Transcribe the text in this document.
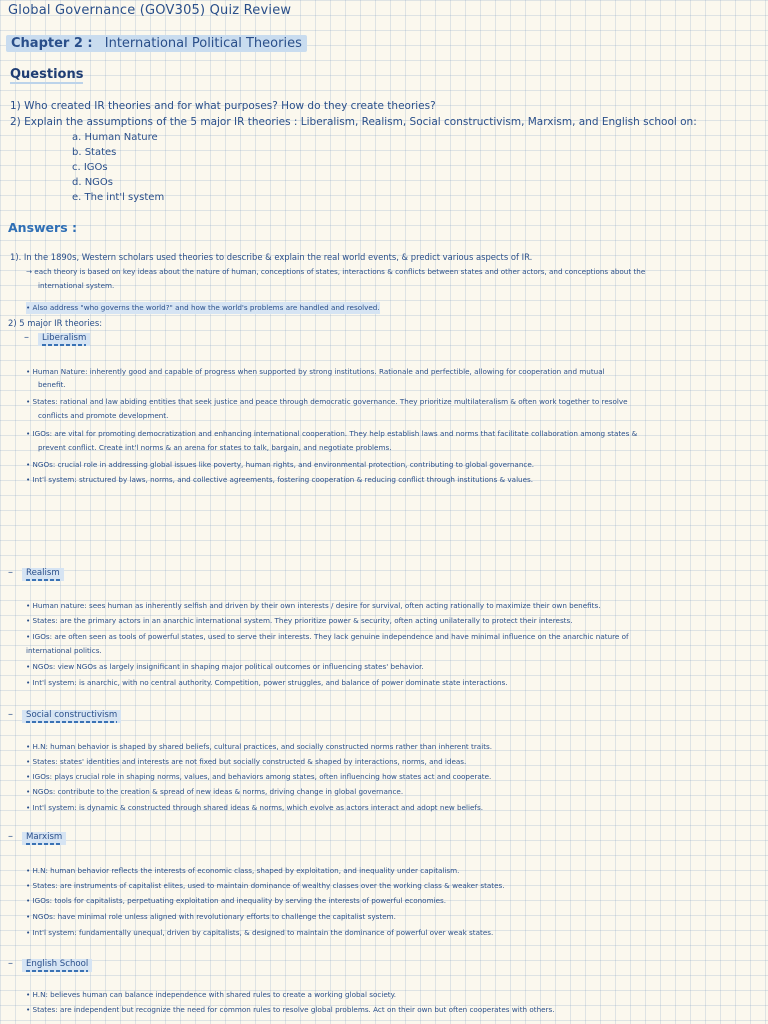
Global Governance (GOV305) Quiz Review
Chapter 2 : International Political Theories
Questions
1) Who created IR theories and for what purposes? How do they create theories?
2) Explain the assumptions of the 5 major IR theories : Liberalism, Realism, Social constructivism, Marxism, and English school on:
a. Human Nature
b. States
c. IGOs
d. NGOs
e. The int'l system
Answers :
1). In the 1890s, Western scholars used theories to describe & explain the real world events, & predict various aspects of IR.
→ each theory is based on key ideas about the nature of human, conceptions of states, interactions & conflicts between states and other actors, and conceptions about the
international system.
• Also address "who governs the world?" and how the world's problems are handled and resolved.
2) 5 major IR theories:
–	Liberalism
• Human Nature: inherently good and capable of progress when supported by strong institutions. Rationale and perfectible, allowing for cooperation and mutual
benefit.
• States: rational and law abiding entities that seek justice and peace through democratic governance. They prioritize multilateralism & often work together to resolve
conflicts and promote development.
• IGOs: are vital for promoting democratization and enhancing international cooperation. They help establish laws and norms that facilitate collaboration among states &
prevent conflict. Create int'l norms & an arena for states to talk, bargain, and negotiate problems.
• NGOs: crucial role in addressing global issues like poverty, human rights, and environmental protection, contributing to global governance.
• Int'l system: structured by laws, norms, and collective agreements, fostering cooperation & reducing conflict through institutions & values.
–	Realism
• Human nature: sees human as inherently selfish and driven by their own interests / desire for survival, often acting rationally to maximize their own benefits.
• States: are the primary actors in an anarchic international system. They prioritize power & security, often acting unilaterally to protect their interests.
• IGOs: are often seen as tools of powerful states, used to serve their interests. They lack genuine independence and have minimal influence on the anarchic nature of
international politics.
• NGOs: view NGOs as largely insignificant in shaping major political outcomes or influencing states' behavior.
• Int'l system: is anarchic, with no central authority. Competition, power struggles, and balance of power dominate state interactions.
–	Social constructivism
• H.N: human behavior is shaped by shared beliefs, cultural practices, and socially constructed norms rather than inherent traits.
• States: states' identities and interests are not fixed but socially constructed & shaped by interactions, norms, and ideas.
• IGOs: plays crucial role in shaping norms, values, and behaviors among states, often influencing how states act and cooperate.
• NGOs: contribute to the creation & spread of new ideas & norms, driving change in global governance.
• Int'l system: is dynamic & constructed through shared ideas & norms, which evolve as actors interact and adopt new beliefs.
–	Marxism
• H.N: human behavior reflects the interests of economic class, shaped by exploitation, and inequality under capitalism.
• States: are instruments of capitalist elites, used to maintain dominance of wealthy classes over the working class & weaker states.
• IGOs: tools for capitalists, perpetuating exploitation and inequality by serving the interests of powerful economies.
• NGOs: have minimal role unless aligned with revolutionary efforts to challenge the capitalist system.
• Int'l system: fundamentally unequal, driven by capitalists, & designed to maintain the dominance of powerful over weak states.
–	English School
• H.N: believes human can balance independence with shared rules to create a working global society.
• States: are independent but recognize the need for common rules to resolve global problems. Act on their own but often cooperates with others.
